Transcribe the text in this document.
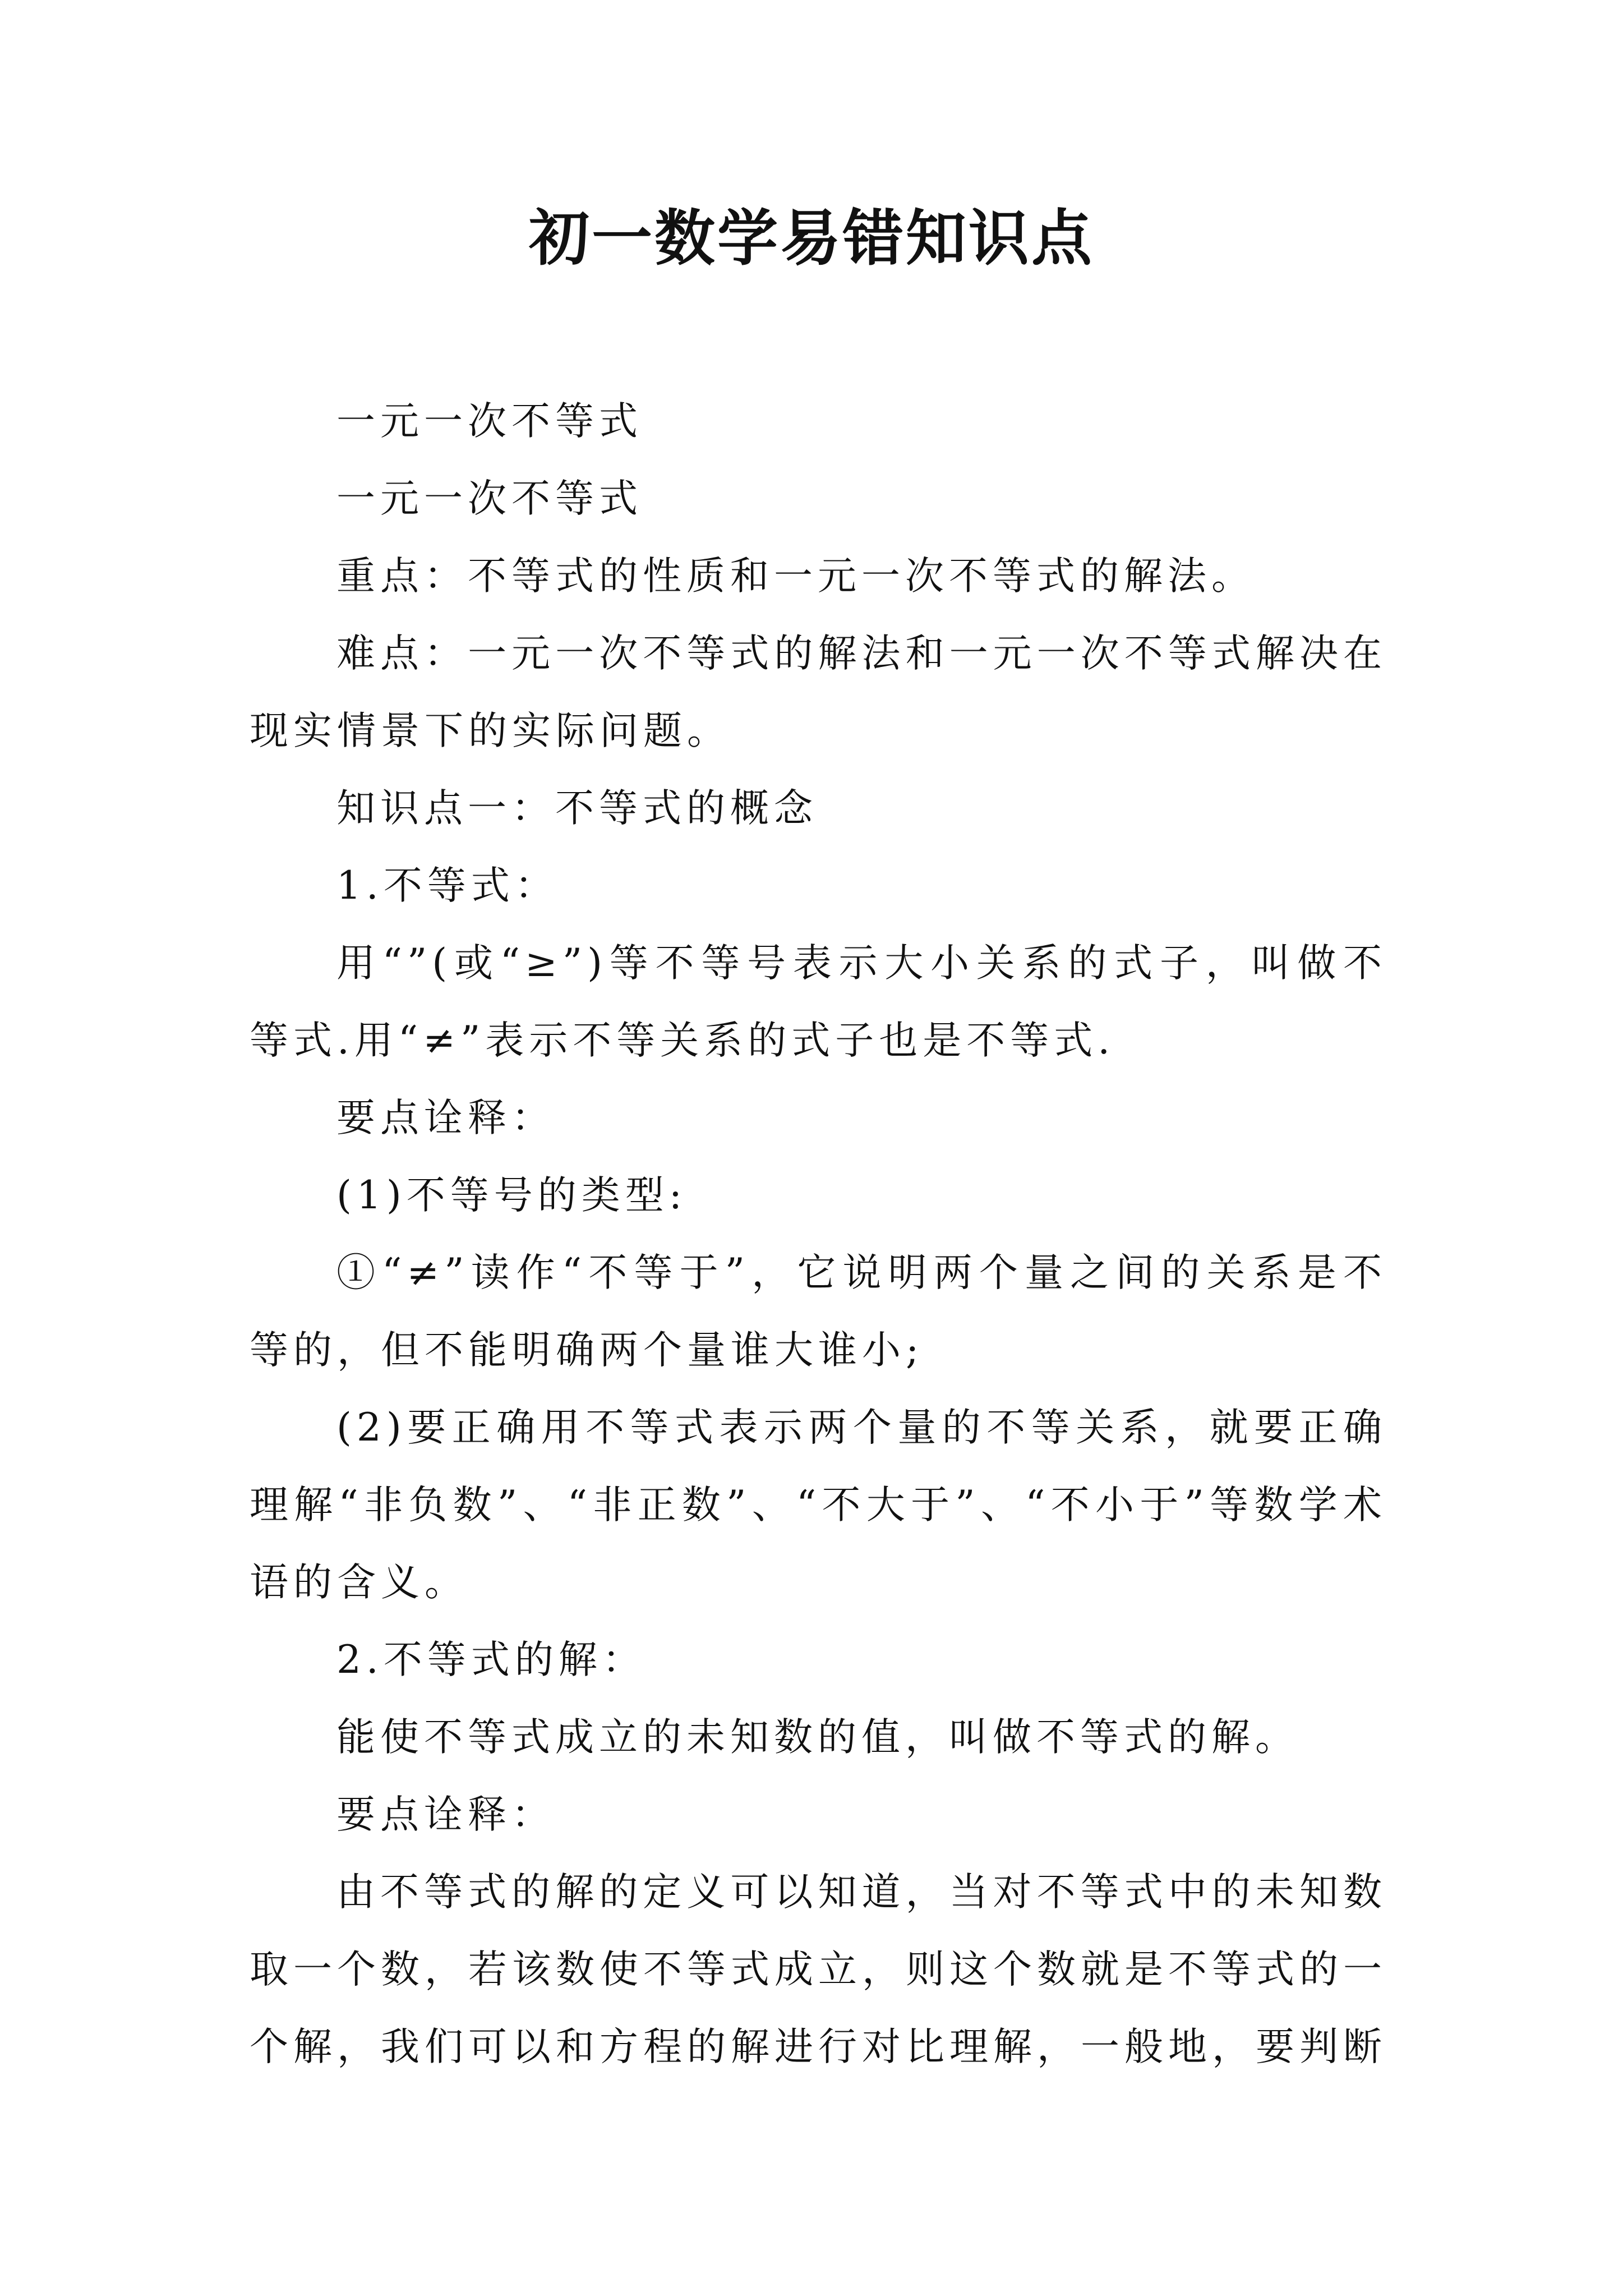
初一数学易错知识点

一元一次不等式

一元一次不等式

重点：不等式的性质和一元一次不等式的解法。

难点：一元一次不等式的解法和一元一次不等式解决在现实情景下的实际问题。

知识点一：不等式的概念

1.不等式：

用“”(或“≥”)等不等号表示大小关系的式子，叫做不等式.用“≠”表示不等关系的式子也是不等式.

要点诠释：

(1)不等号的类型:

①“≠”读作“不等于”，它说明两个量之间的关系是不等的，但不能明确两个量谁大谁小;

(2)要正确用不等式表示两个量的不等关系，就要正确理解“非负数”、“非正数”、“不大于”、“不小于”等数学术语的含义。

2.不等式的解：

能使不等式成立的未知数的值，叫做不等式的解。

要点诠释：

由不等式的解的定义可以知道，当对不等式中的未知数取一个数，若该数使不等式成立，则这个数就是不等式的一个解，我们可以和方程的解进行对比理解，一般地，要判断
